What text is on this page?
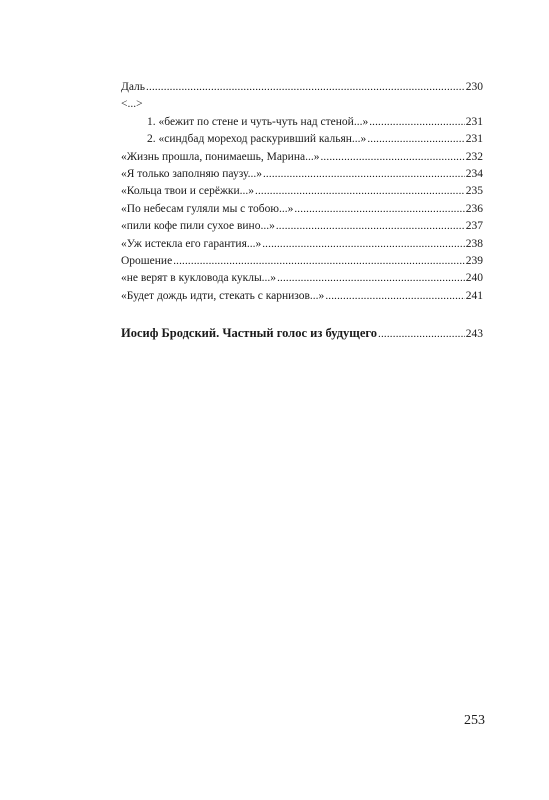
Даль .....	230
<...>
1. «бежит по стене и чуть-чуть над стеной...» .....	231
2. «синдбад мореход раскуривший кальян...» .....	231
«Жизнь прошла, понимаешь, Марина...» .....	232
«Я только заполняю паузу...» .....	234
«Кольца твои и серёжки...» .....	235
«По небесам гуляли мы с тобою...» .....	236
«пили кофе пили сухое вино...» .....	237
«Уж истекла его гарантия...» .....	238
Орошение .....	239
«не верят в кукловода куклы...» .....	240
«Будет дождь идти, стекать с карнизов...» .....	241
Иосиф Бродский. Частный голос из будущего .....	243
253
